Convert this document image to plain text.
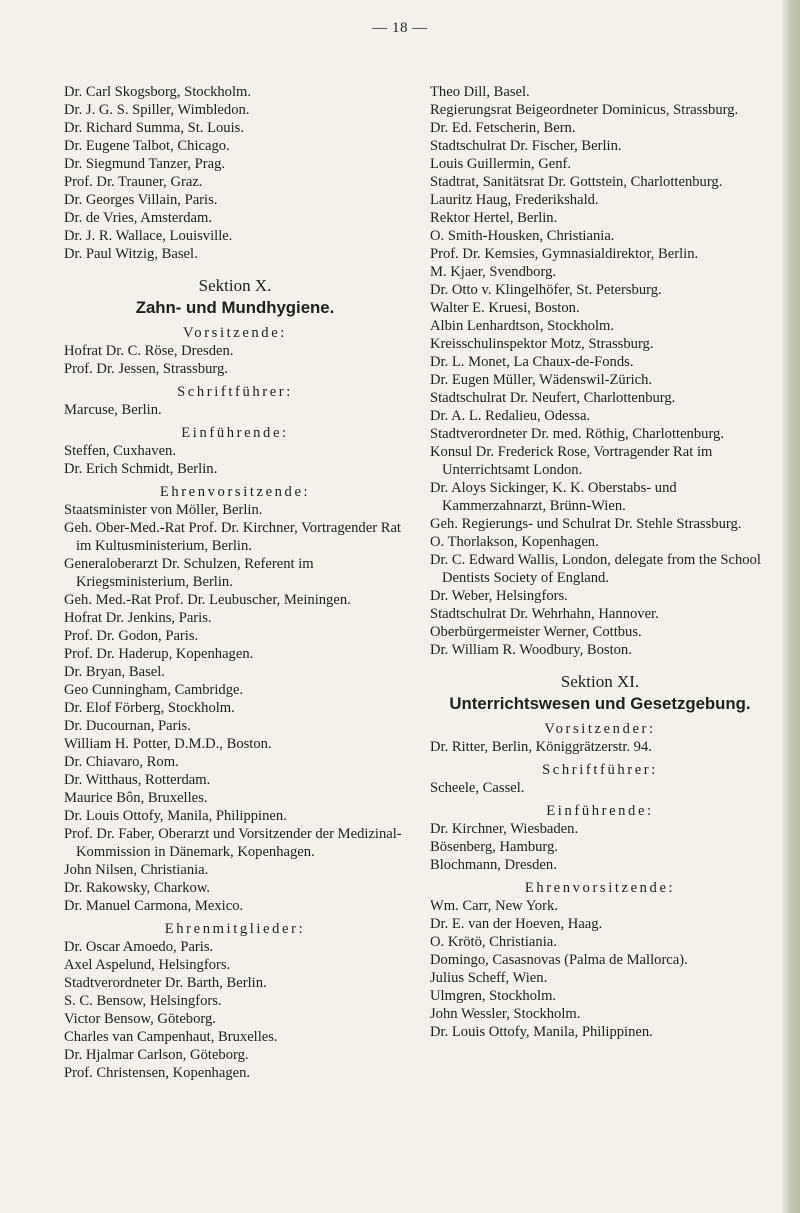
— 18 —

Dr. Carl Skogsborg, Stockholm.

Dr. J. G. S. Spiller, Wimbledon.

Dr. Richard Summa, St. Louis.

Dr. Eugene Talbot, Chicago.

Dr. Siegmund Tanzer, Prag.

Prof. Dr. Trauner, Graz.

Dr. Georges Villain, Paris.

Dr. de Vries, Amsterdam.

Dr. J. R. Wallace, Louisville.

Dr. Paul Witzig, Basel.

Sektion X.

Zahn- und Mundhygiene.

Vorsitzende:

Hofrat Dr. C. Röse, Dresden.

Prof. Dr. Jessen, Strassburg.

Schriftführer:

Marcuse, Berlin.

Einführende:

Steffen, Cuxhaven.

Dr. Erich Schmidt, Berlin.

Ehrenvorsitzende:

Staatsminister von Möller, Berlin.

Geh. Ober-Med.-Rat Prof. Dr. Kirchner, Vortragender Rat im Kultusministerium, Berlin.

Generaloberarzt Dr. Schulzen, Referent im Kriegsministerium, Berlin.

Geh. Med.-Rat Prof. Dr. Leubuscher, Meiningen.

Hofrat Dr. Jenkins, Paris.

Prof. Dr. Godon, Paris.

Prof. Dr. Haderup, Kopenhagen.

Dr. Bryan, Basel.

Geo Cunningham, Cambridge.

Dr. Elof Förberg, Stockholm.

Dr. Ducournan, Paris.

William H. Potter, D.M.D., Boston.

Dr. Chiavaro, Rom.

Dr. Witthaus, Rotterdam.

Maurice Bôn, Bruxelles.

Dr. Louis Ottofy, Manila, Philippinen.

Prof. Dr. Faber, Oberarzt und Vorsitzender der Medizinal-Kommission in Dänemark, Kopenhagen.

John Nilsen, Christiania.

Dr. Rakowsky, Charkow.

Dr. Manuel Carmona, Mexico.

Ehrenmitglieder:

Dr. Oscar Amoedo, Paris.

Axel Aspelund, Helsingfors.

Stadtverordneter Dr. Barth, Berlin.

S. C. Bensow, Helsingfors.

Victor Bensow, Göteborg.

Charles van Campenhaut, Bruxelles.

Dr. Hjalmar Carlson, Göteborg.

Prof. Christensen, Kopenhagen.

Theo Dill, Basel.

Regierungsrat Beigeordneter Dominicus, Strassburg.

Dr. Ed. Fetscherin, Bern.

Stadtschulrat Dr. Fischer, Berlin.

Louis Guillermin, Genf.

Stadtrat, Sanitätsrat Dr. Gottstein, Charlottenburg.

Lauritz Haug, Frederikshald.

Rektor Hertel, Berlin.

O. Smith-Housken, Christiania.

Prof. Dr. Kemsies, Gymnasialdirektor, Berlin.

M. Kjaer, Svendborg.

Dr. Otto v. Klingelhöfer, St. Petersburg.

Walter E. Kruesi, Boston.

Albin Lenhardtson, Stockholm.

Kreisschulinspektor Motz, Strassburg.

Dr. L. Monet, La Chaux-de-Fonds.

Dr. Eugen Müller, Wädenswil-Zürich.

Stadtschulrat Dr. Neufert, Charlottenburg.

Dr. A. L. Redalieu, Odessa.

Stadtverordneter Dr. med. Röthig, Charlottenburg.

Konsul Dr. Frederick Rose, Vortragender Rat im Unterrichtsamt London.

Dr. Aloys Sickinger, K. K. Oberstabs- und Kammerzahnarzt, Brünn-Wien.

Geh. Regierungs- und Schulrat Dr. Stehle Strassburg.

O. Thorlakson, Kopenhagen.

Dr. C. Edward Wallis, London, delegate from the School Dentists Society of England.

Dr. Weber, Helsingfors.

Stadtschulrat Dr. Wehrhahn, Hannover.

Oberbürgermeister Werner, Cottbus.

Dr. William R. Woodbury, Boston.

Sektion XI.

Unterrichtswesen und Gesetzgebung.

Vorsitzender:

Dr. Ritter, Berlin, Königgrätzerstr. 94.

Schriftführer:

Scheele, Cassel.

Einführende:

Dr. Kirchner, Wiesbaden.

Bösenberg, Hamburg.

Blochmann, Dresden.

Ehrenvorsitzende:

Wm. Carr, New York.

Dr. E. van der Hoeven, Haag.

O. Krötö, Christiania.

Domingo, Casasnovas (Palma de Mallorca).

Julius Scheff, Wien.

Ulmgren, Stockholm.

John Wessler, Stockholm.

Dr. Louis Ottofy, Manila, Philippinen.
